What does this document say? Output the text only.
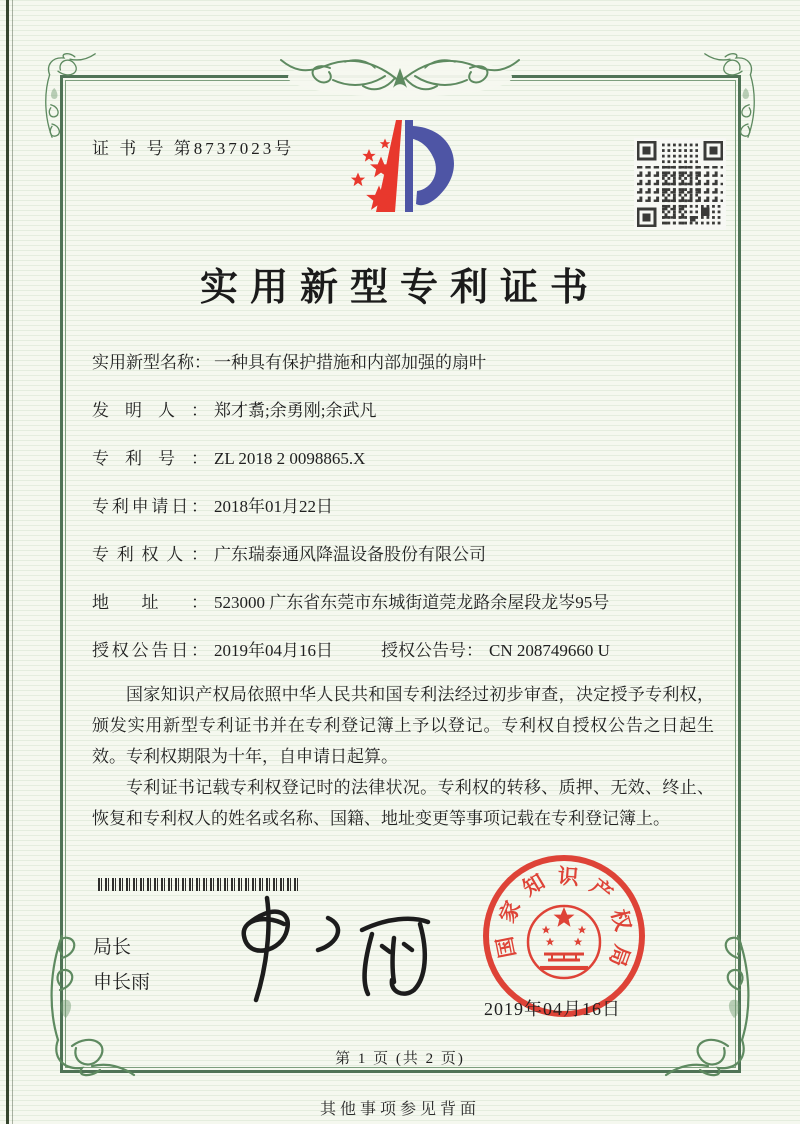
证 书 号 第8737023号
实用新型专利证书
实用新型名称： 一种具有保护措施和内部加强的扇叶
发明人： 郑才翥;余勇刚;余武凡
专利号： ZL 2018 2 0098865.X
专利申请日： 2018年01月22日
专利权人： 广东瑞泰通风降温设备股份有限公司
地址： 523000 广东省东莞市东城街道莞龙路余屋段龙岑95号
授权公告日： 2019年04月16日	授权公告号： CN 208749660 U

国家知识产权局依照中华人民共和国专利法经过初步审查，决定授予专利权，颁发实用新型专利证书并在专利登记簿上予以登记。专利权自授权公告之日起生效。专利权期限为十年，自申请日起算。

专利证书记载专利权登记时的法律状况。专利权的转移、质押、无效、终止、恢复和专利权人的姓名或名称、国籍、地址变更等事项记载在专利登记簿上。

局长
申长雨
国家知识产权局
2019年04月16日
第 1 页 (共 2 页)
其他事项参见背面
